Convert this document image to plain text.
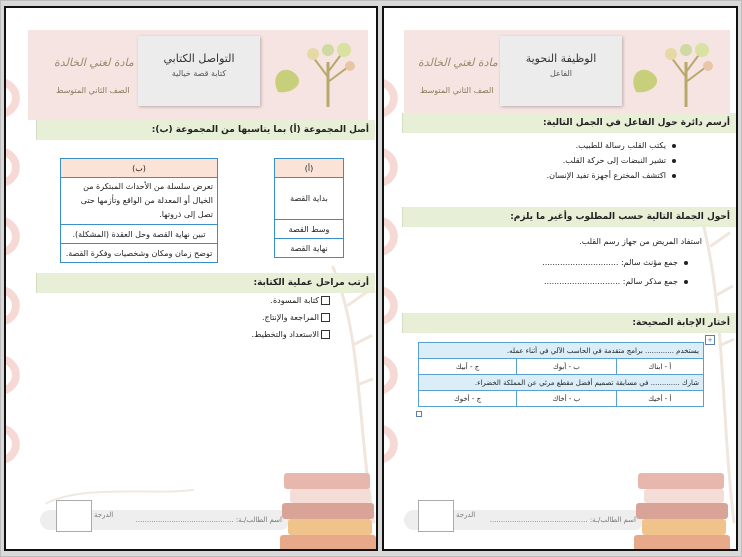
التواصل الكتابي
كتابة قصة خيالية
مادة لغتي الخالدة
الصف الثاني المتوسط
أصل المجموعة (أ) بما يناسبها من المجموعة (ب):
(أ)
بداية القصة
وسط القصة
نهاية القصة
(ب)
تعرض سلسلة من الأحداث المبتكرة من الخيال أو المعدلة من الواقع وتأزمها حتى تصل إلى ذروتها.
تبين نهاية القصة وحل العقدة (المشكلة).
توضح زمان ومكان وشخصيات وفكرة القصة.
أرتب مراحل عملية الكتابة:
كتابة المسودة.
المراجعة والإنتاج.
الاستعداد والتخطيط.
اسم الطالب/ـة: ............................................
الدرجة
الوظيفة النحوية
الفاعل
مادة لغتي الخالدة
الصف الثاني المتوسط
أرسم دائرة حول الفاعل في الجمل التالية:
يكتب القلب رسالة للطبيب.
تشير النبضات إلى حركة القلب.
اكتشف المخترع أجهزة تفيد الإنسان.
أحول الجملة التالية حسب المطلوب وأغير ما يلزم:
استفاد المريض من جهاز رسم القلب.
جمع مؤنث سالم: ..............................
جمع مذكر سالم: ..............................
أختار الإجابة الصحيحة:
+
يستخدم ............. برامج متقدمة في الحاسب الآلي في أثناء عمله.		
أ - ابناك	ب - أبوك	ج - أبيك
شارك ............. في مسابقة تصميم أفضل مقطع مرئي عن المملكة الخضراء.		
أ - أخيك	ب - أخاك	ج - أخوك
اسم الطالب/ـة: ............................................
الدرجة
